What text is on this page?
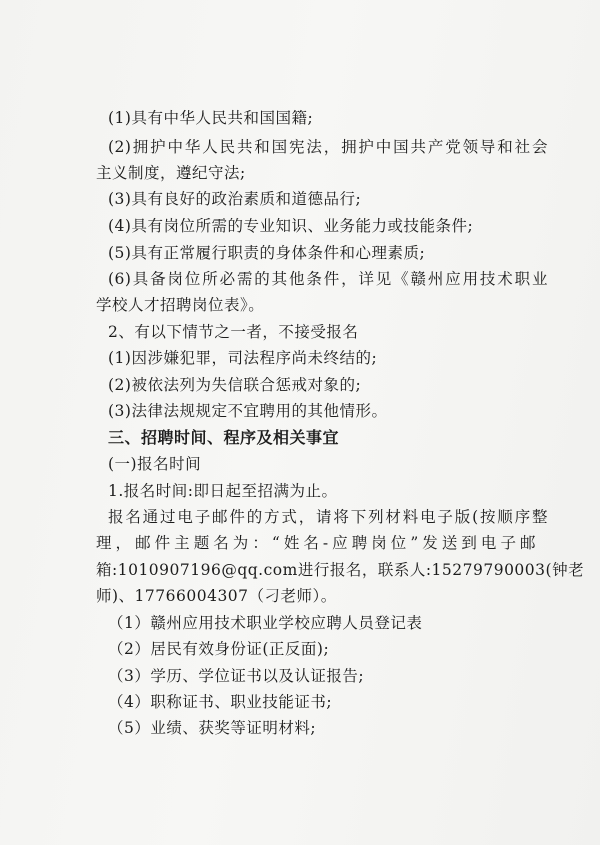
(1)具有中华人民共和国国籍;
(2)拥护中华人民共和国宪法，拥护中国共产党领导和社会
主义制度，遵纪守法;
(3)具有良好的政治素质和道德品行;
(4)具有岗位所需的专业知识、业务能力或技能条件;
(5)具有正常履行职责的身体条件和心理素质;
(6)具备岗位所必需的其他条件，详见《赣州应用技术职业
学校人才招聘岗位表》。
2、有以下情节之一者，不接受报名
(1)因涉嫌犯罪，司法程序尚未终结的;
(2)被依法列为失信联合惩戒对象的;
(3)法律法规规定不宜聘用的其他情形。
三、招聘时间、程序及相关事宜
(一)报名时间
1.报名时间:即日起至招满为止。
报名通过电子邮件的方式，请将下列材料电子版(按顺序整
理，邮件主题名为：“姓名-应聘岗位”发送到电子邮
箱:1010907196@qq.com进行报名，联系人:15279790003(钟老
师)、17766004307（刁老师）。
（1）赣州应用技术职业学校应聘人员登记表
（2）居民有效身份证(正反面);
（3）学历、学位证书以及认证报告;
（4）职称证书、职业技能证书;
（5）业绩、获奖等证明材料;
